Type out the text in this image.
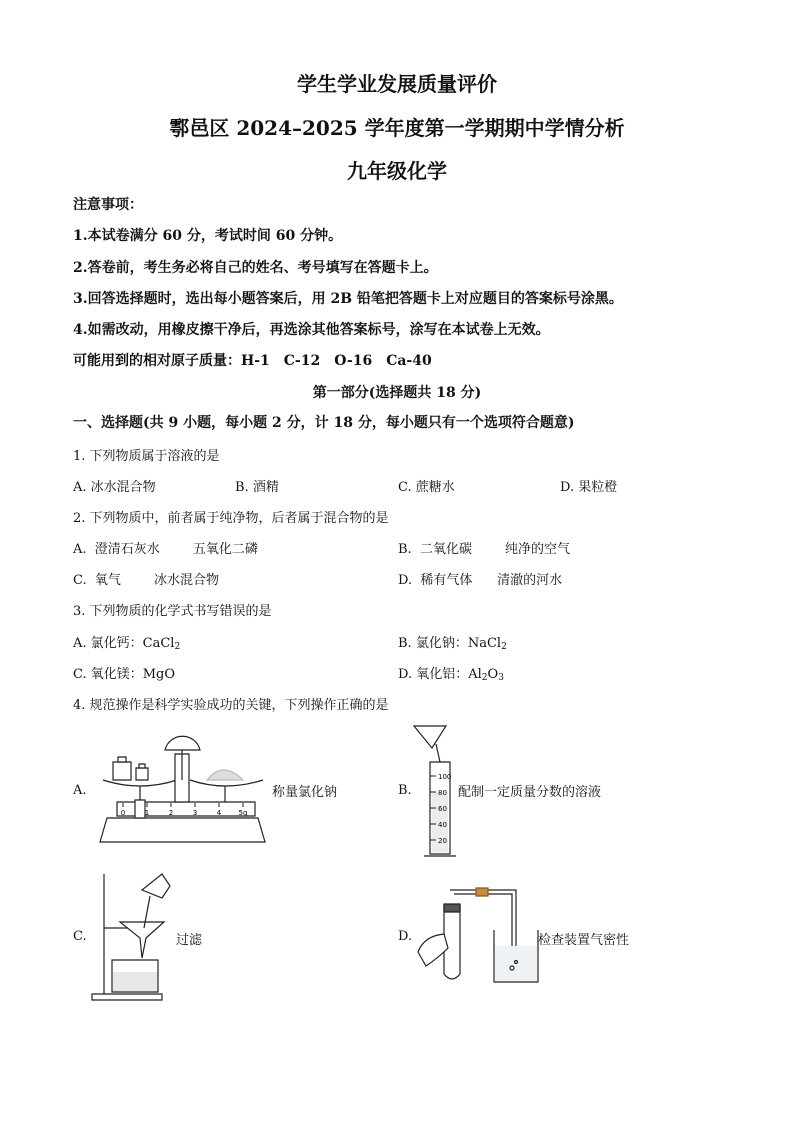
学生学业发展质量评价
鄠邑区 2024–2025 学年度第一学期期中学情分析
九年级化学
注意事项：
1.本试卷满分 60 分，考试时间 60 分钟。
2.答卷前，考生务必将自己的姓名、考号填写在答题卡上。
3.回答选择题时，选出每小题答案后，用 2B 铅笔把答题卡上对应题目的答案标号涂黑。
4.如需改动，用橡皮擦干净后，再选涂其他答案标号，涂写在本试卷上无效。
可能用到的相对原子质量：H-1　C-12　O-16　Ca-40
第一部分(选择题共 18 分)
一、选择题(共 9 小题，每小题 2 分，计 18 分，每小题只有一个选项符合题意)
1. 下列物质属于溶液的是
A. 冰水混合物	B. 酒精	C. 蔗糖水	D. 果粒橙
2. 下列物质中，前者属于纯净物，后者属于混合物的是
A.  澄清石灰水        五氧化二磷	B.  二氧化碳        纯净的空气
C.  氧气        冰水混合物	D.  稀有气体      清澈的河水
3. 下列物质的化学式书写错误的是
A. 氯化钙：CaCl$_2$	B. 氯化钠：NaCl$_2$
C. 氧化镁：MgO	D. 氧化铝：$Al_2O_3$
4. 规范操作是科学实验成功的关键，下列操作正确的是
A.
0	1	2	3	4 5g
称量氯化钠	B.
100
80
60
40
20
配制一定质量分数的溶液
C.	过滤	D.	检查装置气密性
